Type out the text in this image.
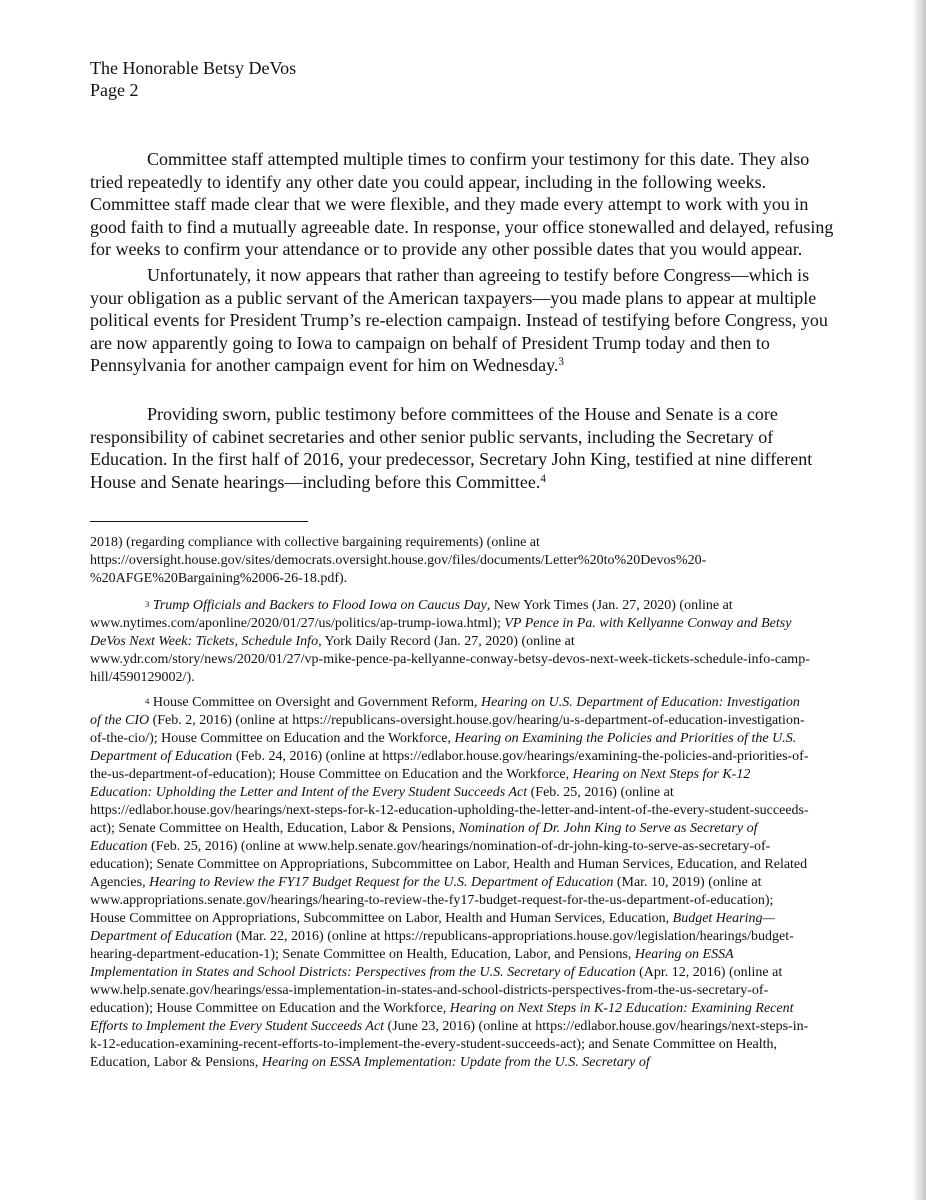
The Honorable Betsy DeVos
Page 2

Committee staff attempted multiple times to confirm your testimony for this date. They also tried repeatedly to identify any other date you could appear, including in the following weeks. Committee staff made clear that we were flexible, and they made every attempt to work with you in good faith to find a mutually agreeable date. In response, your office stonewalled and delayed, refusing for weeks to confirm your attendance or to provide any other possible dates that you would appear.

Unfortunately, it now appears that rather than agreeing to testify before Congress—which is your obligation as a public servant of the American taxpayers—you made plans to appear at multiple political events for President Trump’s re-election campaign. Instead of testifying before Congress, you are now apparently going to Iowa to campaign on behalf of President Trump today and then to Pennsylvania for another campaign event for him on Wednesday.$^3$

Providing sworn, public testimony before committees of the House and Senate is a core responsibility of cabinet secretaries and other senior public servants, including the Secretary of Education. In the first half of 2016, your predecessor, Secretary John King, testified at nine different House and Senate hearings—including before this Committee.$^4$

2018) (regarding compliance with collective bargaining requirements) (online at https://oversight.house.gov/sites/democrats.oversight.house.gov/files/documents/Letter%20to%20Devos%20-%20AFGE%20Bargaining%2006-26-18.pdf).

$^3$ Trump Officials and Backers to Flood Iowa on Caucus Day, New York Times (Jan. 27, 2020) (online at www.nytimes.com/aponline/2020/01/27/us/politics/ap-trump-iowa.html); VP Pence in Pa. with Kellyanne Conway and Betsy DeVos Next Week: Tickets, Schedule Info, York Daily Record (Jan. 27, 2020) (online at www.ydr.com/story/news/2020/01/27/vp-mike-pence-pa-kellyanne-conway-betsy-devos-next-week-tickets-schedule-info-camp-hill/4590129002/).

$^4$ House Committee on Oversight and Government Reform, Hearing on U.S. Department of Education: Investigation of the CIO (Feb. 2, 2016) (online at https://republicans-oversight.house.gov/hearing/u-s-department-of-education-investigation-of-the-cio/); House Committee on Education and the Workforce, Hearing on Examining the Policies and Priorities of the U.S. Department of Education (Feb. 24, 2016) (online at https://edlabor.house.gov/hearings/examining-the-policies-and-priorities-of-the-us-department-of-education); House Committee on Education and the Workforce, Hearing on Next Steps for K-12 Education: Upholding the Letter and Intent of the Every Student Succeeds Act (Feb. 25, 2016) (online at https://edlabor.house.gov/hearings/next-steps-for-k-12-education-upholding-the-letter-and-intent-of-the-every-student-succeeds-act); Senate Committee on Health, Education, Labor & Pensions, Nomination of Dr. John King to Serve as Secretary of Education (Feb. 25, 2016) (online at www.help.senate.gov/hearings/nomination-of-dr-john-king-to-serve-as-secretary-of-education); Senate Committee on Appropriations, Subcommittee on Labor, Health and Human Services, Education, and Related Agencies, Hearing to Review the FY17 Budget Request for the U.S. Department of Education (Mar. 10, 2019) (online at www.appropriations.senate.gov/hearings/hearing-to-review-the-fy17-budget-request-for-the-us-department-of-education); House Committee on Appropriations, Subcommittee on Labor, Health and Human Services, Education, Budget Hearing—Department of Education (Mar. 22, 2016) (online at https://republicans-appropriations.house.gov/legislation/hearings/budget-hearing-department-education-1); Senate Committee on Health, Education, Labor, and Pensions, Hearing on ESSA Implementation in States and School Districts: Perspectives from the U.S. Secretary of Education (Apr. 12, 2016) (online at www.help.senate.gov/hearings/essa-implementation-in-states-and-school-districts-perspectives-from-the-us-secretary-of-education); House Committee on Education and the Workforce, Hearing on Next Steps in K-12 Education: Examining Recent Efforts to Implement the Every Student Succeeds Act (June 23, 2016) (online at https://edlabor.house.gov/hearings/next-steps-in-k-12-education-examining-recent-efforts-to-implement-the-every-student-succeeds-act); and Senate Committee on Health, Education, Labor & Pensions, Hearing on ESSA Implementation: Update from the U.S. Secretary of
